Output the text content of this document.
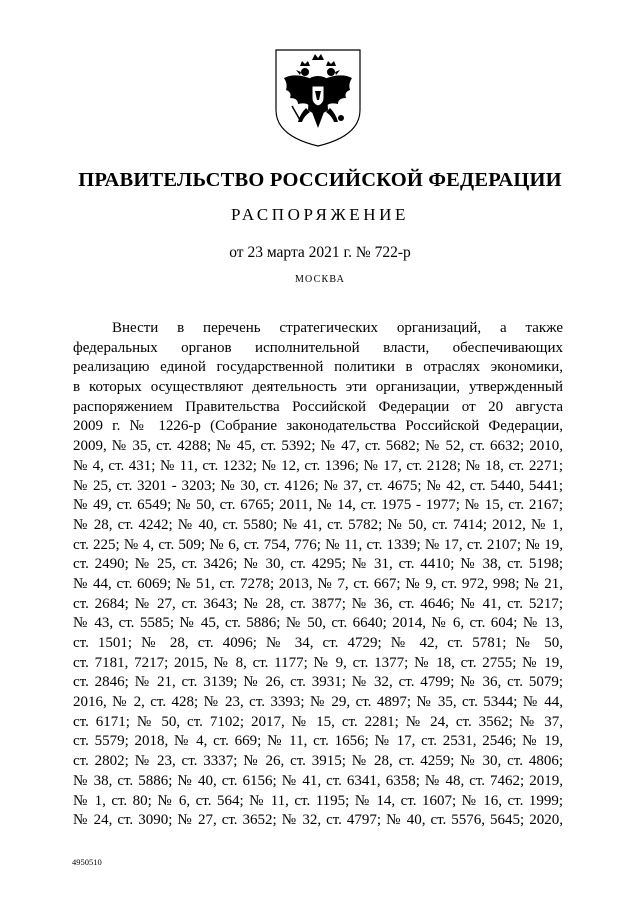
ПРАВИТЕЛЬСТВО РОССИЙСКОЙ ФЕДЕРАЦИИ
РАСПОРЯЖЕНИЕ
от 23 марта 2021 г. № 722-р
МОСКВА
Внести в перечень стратегических организаций, а также
федеральных органов исполнительной власти, обеспечивающих
реализацию единой государственной политики в отраслях экономики,
в которых осуществляют деятельность эти организации, утвержденный
распоряжением Правительства Российской Федерации от 20 августа
2009 г. № 1226-р (Собрание законодательства Российской Федерации,
2009, № 35, ст. 4288; № 45, ст. 5392; № 47, ст. 5682; № 52, ст. 6632; 2010,
№ 4, ст. 431; № 11, ст. 1232; № 12, ст. 1396; № 17, ст. 2128; № 18, ст. 2271;
№ 25, ст. 3201 - 3203; № 30, ст. 4126; № 37, ст. 4675; № 42, ст. 5440, 5441;
№ 49, ст. 6549; № 50, ст. 6765; 2011, № 14, ст. 1975 - 1977; № 15, ст. 2167;
№ 28, ст. 4242; № 40, ст. 5580; № 41, ст. 5782; № 50, ст. 7414; 2012, № 1,
ст. 225; № 4, ст. 509; № 6, ст. 754, 776; № 11, ст. 1339; № 17, ст. 2107; № 19,
ст. 2490; № 25, ст. 3426; № 30, ст. 4295; № 31, ст. 4410; № 38, ст. 5198;
№ 44, ст. 6069; № 51, ст. 7278; 2013, № 7, ст. 667; № 9, ст. 972, 998; № 21,
ст. 2684; № 27, ст. 3643; № 28, ст. 3877; № 36, ст. 4646; № 41, ст. 5217;
№ 43, ст. 5585; № 45, ст. 5886; № 50, ст. 6640; 2014, № 6, ст. 604; № 13,
ст. 1501; № 28, ст. 4096; № 34, ст. 4729; № 42, ст. 5781; № 50,
ст. 7181, 7217; 2015, № 8, ст. 1177; № 9, ст. 1377; № 18, ст. 2755; № 19,
ст. 2846; № 21, ст. 3139; № 26, ст. 3931; № 32, ст. 4799; № 36, ст. 5079;
2016, № 2, ст. 428; № 23, ст. 3393; № 29, ст. 4897; № 35, ст. 5344; № 44,
ст. 6171; № 50, ст. 7102; 2017, № 15, ст. 2281; № 24, ст. 3562; № 37,
ст. 5579; 2018, № 4, ст. 669; № 11, ст. 1656; № 17, ст. 2531, 2546; № 19,
ст. 2802; № 23, ст. 3337; № 26, ст. 3915; № 28, ст. 4259; № 30, ст. 4806;
№ 38, ст. 5886; № 40, ст. 6156; № 41, ст. 6341, 6358; № 48, ст. 7462; 2019,
№ 1, ст. 80; № 6, ст. 564; № 11, ст. 1195; № 14, ст. 1607; № 16, ст. 1999;
№ 24, ст. 3090; № 27, ст. 3652; № 32, ст. 4797; № 40, ст. 5576, 5645; 2020,
4950510
